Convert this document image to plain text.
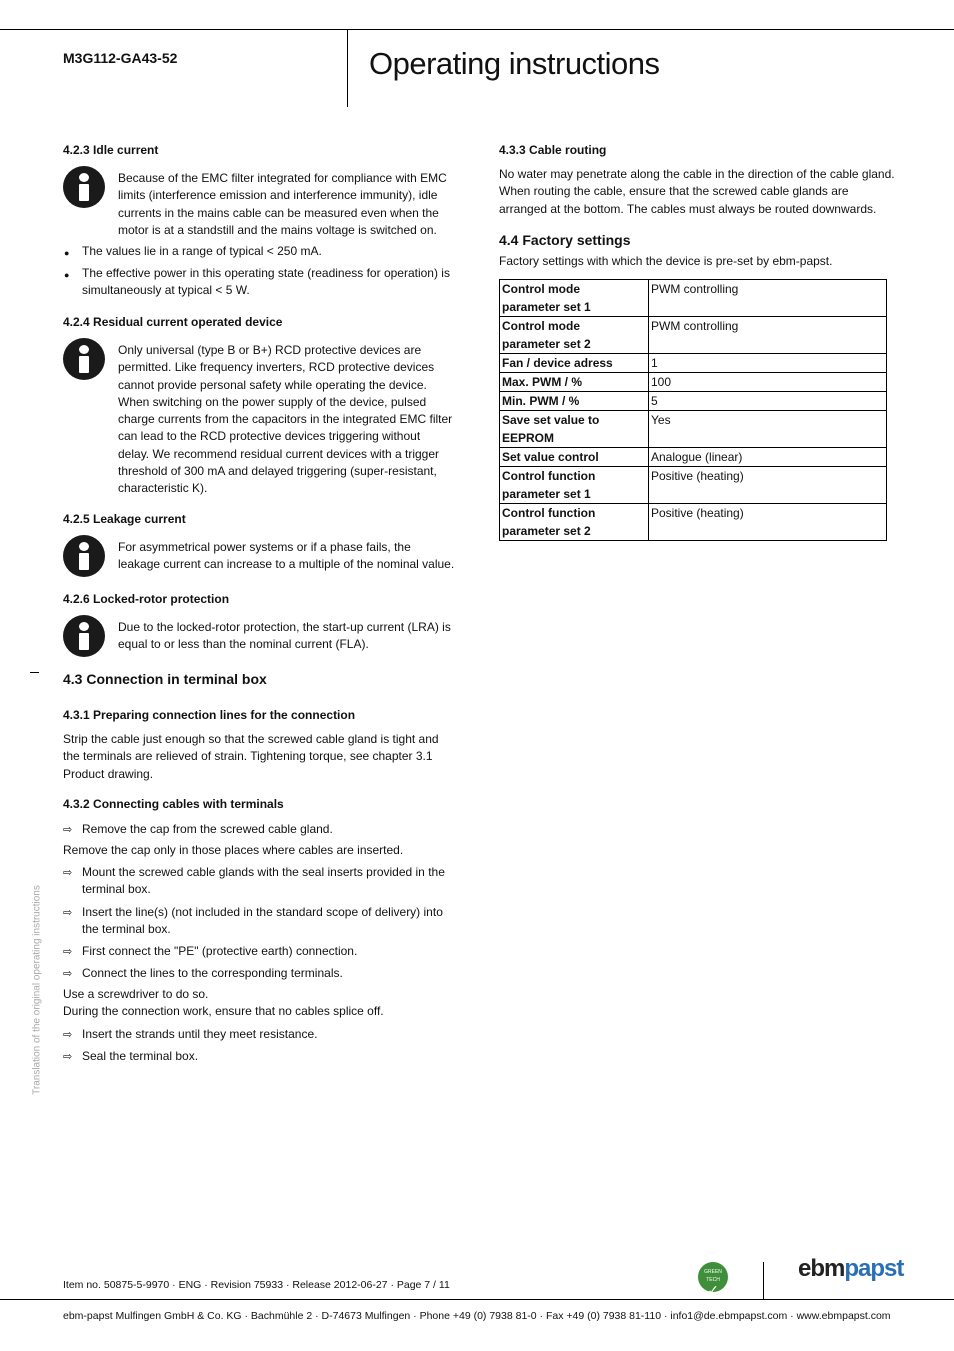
M3G112-GA43-52	Operating instructions
Translation of the original operating instructions
4.2.3 Idle current
Because of the EMC filter integrated for compliance with EMC
limits (interference emission and interference immunity), idle
currents in the mains cable can be measured even when the
motor is at a standstill and the mains voltage is switched on.
● The values lie in a range of typical < 250 mA.
● The effective power in this operating state (readiness for operation) is
simultaneously at typical < 5 W.
4.2.4 Residual current operated device
Only universal (type B or B+) RCD protective devices are
permitted. Like frequency inverters, RCD protective devices
cannot provide personal safety while operating the device.
When switching on the power supply of the device, pulsed
charge currents from the capacitors in the integrated EMC filter
can lead to the RCD protective devices triggering without
delay. We recommend residual current devices with a trigger
threshold of 300 mA and delayed triggering (super-resistant,
characteristic K).
4.2.5 Leakage current
For asymmetrical power systems or if a phase fails, the
leakage current can increase to a multiple of the nominal value.
4.2.6 Locked-rotor protection
Due to the locked-rotor protection, the start-up current (LRA) is
equal to or less than the nominal current (FLA).
4.3 Connection in terminal box
4.3.1 Preparing connection lines for the connection
Strip the cable just enough so that the screwed cable gland is tight and
the terminals are relieved of strain. Tightening torque, see chapter 3.1
Product drawing.
4.3.2 Connecting cables with terminals
⇨ Remove the cap from the screwed cable gland.
Remove the cap only in those places where cables are inserted.
⇨ Mount the screwed cable glands with the seal inserts provided in the
terminal box.
⇨ Insert the line(s) (not included in the standard scope of delivery) into
the terminal box.
⇨ First connect the "PE" (protective earth) connection.
⇨ Connect the lines to the corresponding terminals.
Use a screwdriver to do so.
During the connection work, ensure that no cables splice off.
⇨ Insert the strands until they meet resistance.
⇨ Seal the terminal box.
4.3.3 Cable routing
No water may penetrate along the cable in the direction of the cable gland.
When routing the cable, ensure that the screwed cable glands are
arranged at the bottom. The cables must always be routed downwards.
4.4 Factory settings
Factory settings with which the device is pre-set by ebm-papst.
Control mode
parameter set 1	PWM controlling

Control mode
parameter set 2	PWM controlling

Fan / device adress	1

Max. PWM / %	100

Min. PWM / %	5

Save set value to
EEPROM	Yes

Set value control	Analogue (linear)

Control function
parameter set 1	Positive (heating)

Control function
parameter set 2	Positive (heating)
Item no. 50875-5-9970 · ENG · Revision 75933 · Release 2012-06-27 · Page 7 / 11
GREEN
TECH
✓
ebmpapst
ebm-papst Mulfingen GmbH & Co. KG · Bachmühle 2 · D-74673 Mulfingen · Phone +49 (0) 7938 81-0 · Fax +49 (0) 7938 81-110 · info1@de.ebmpapst.com · www.ebmpapst.com
